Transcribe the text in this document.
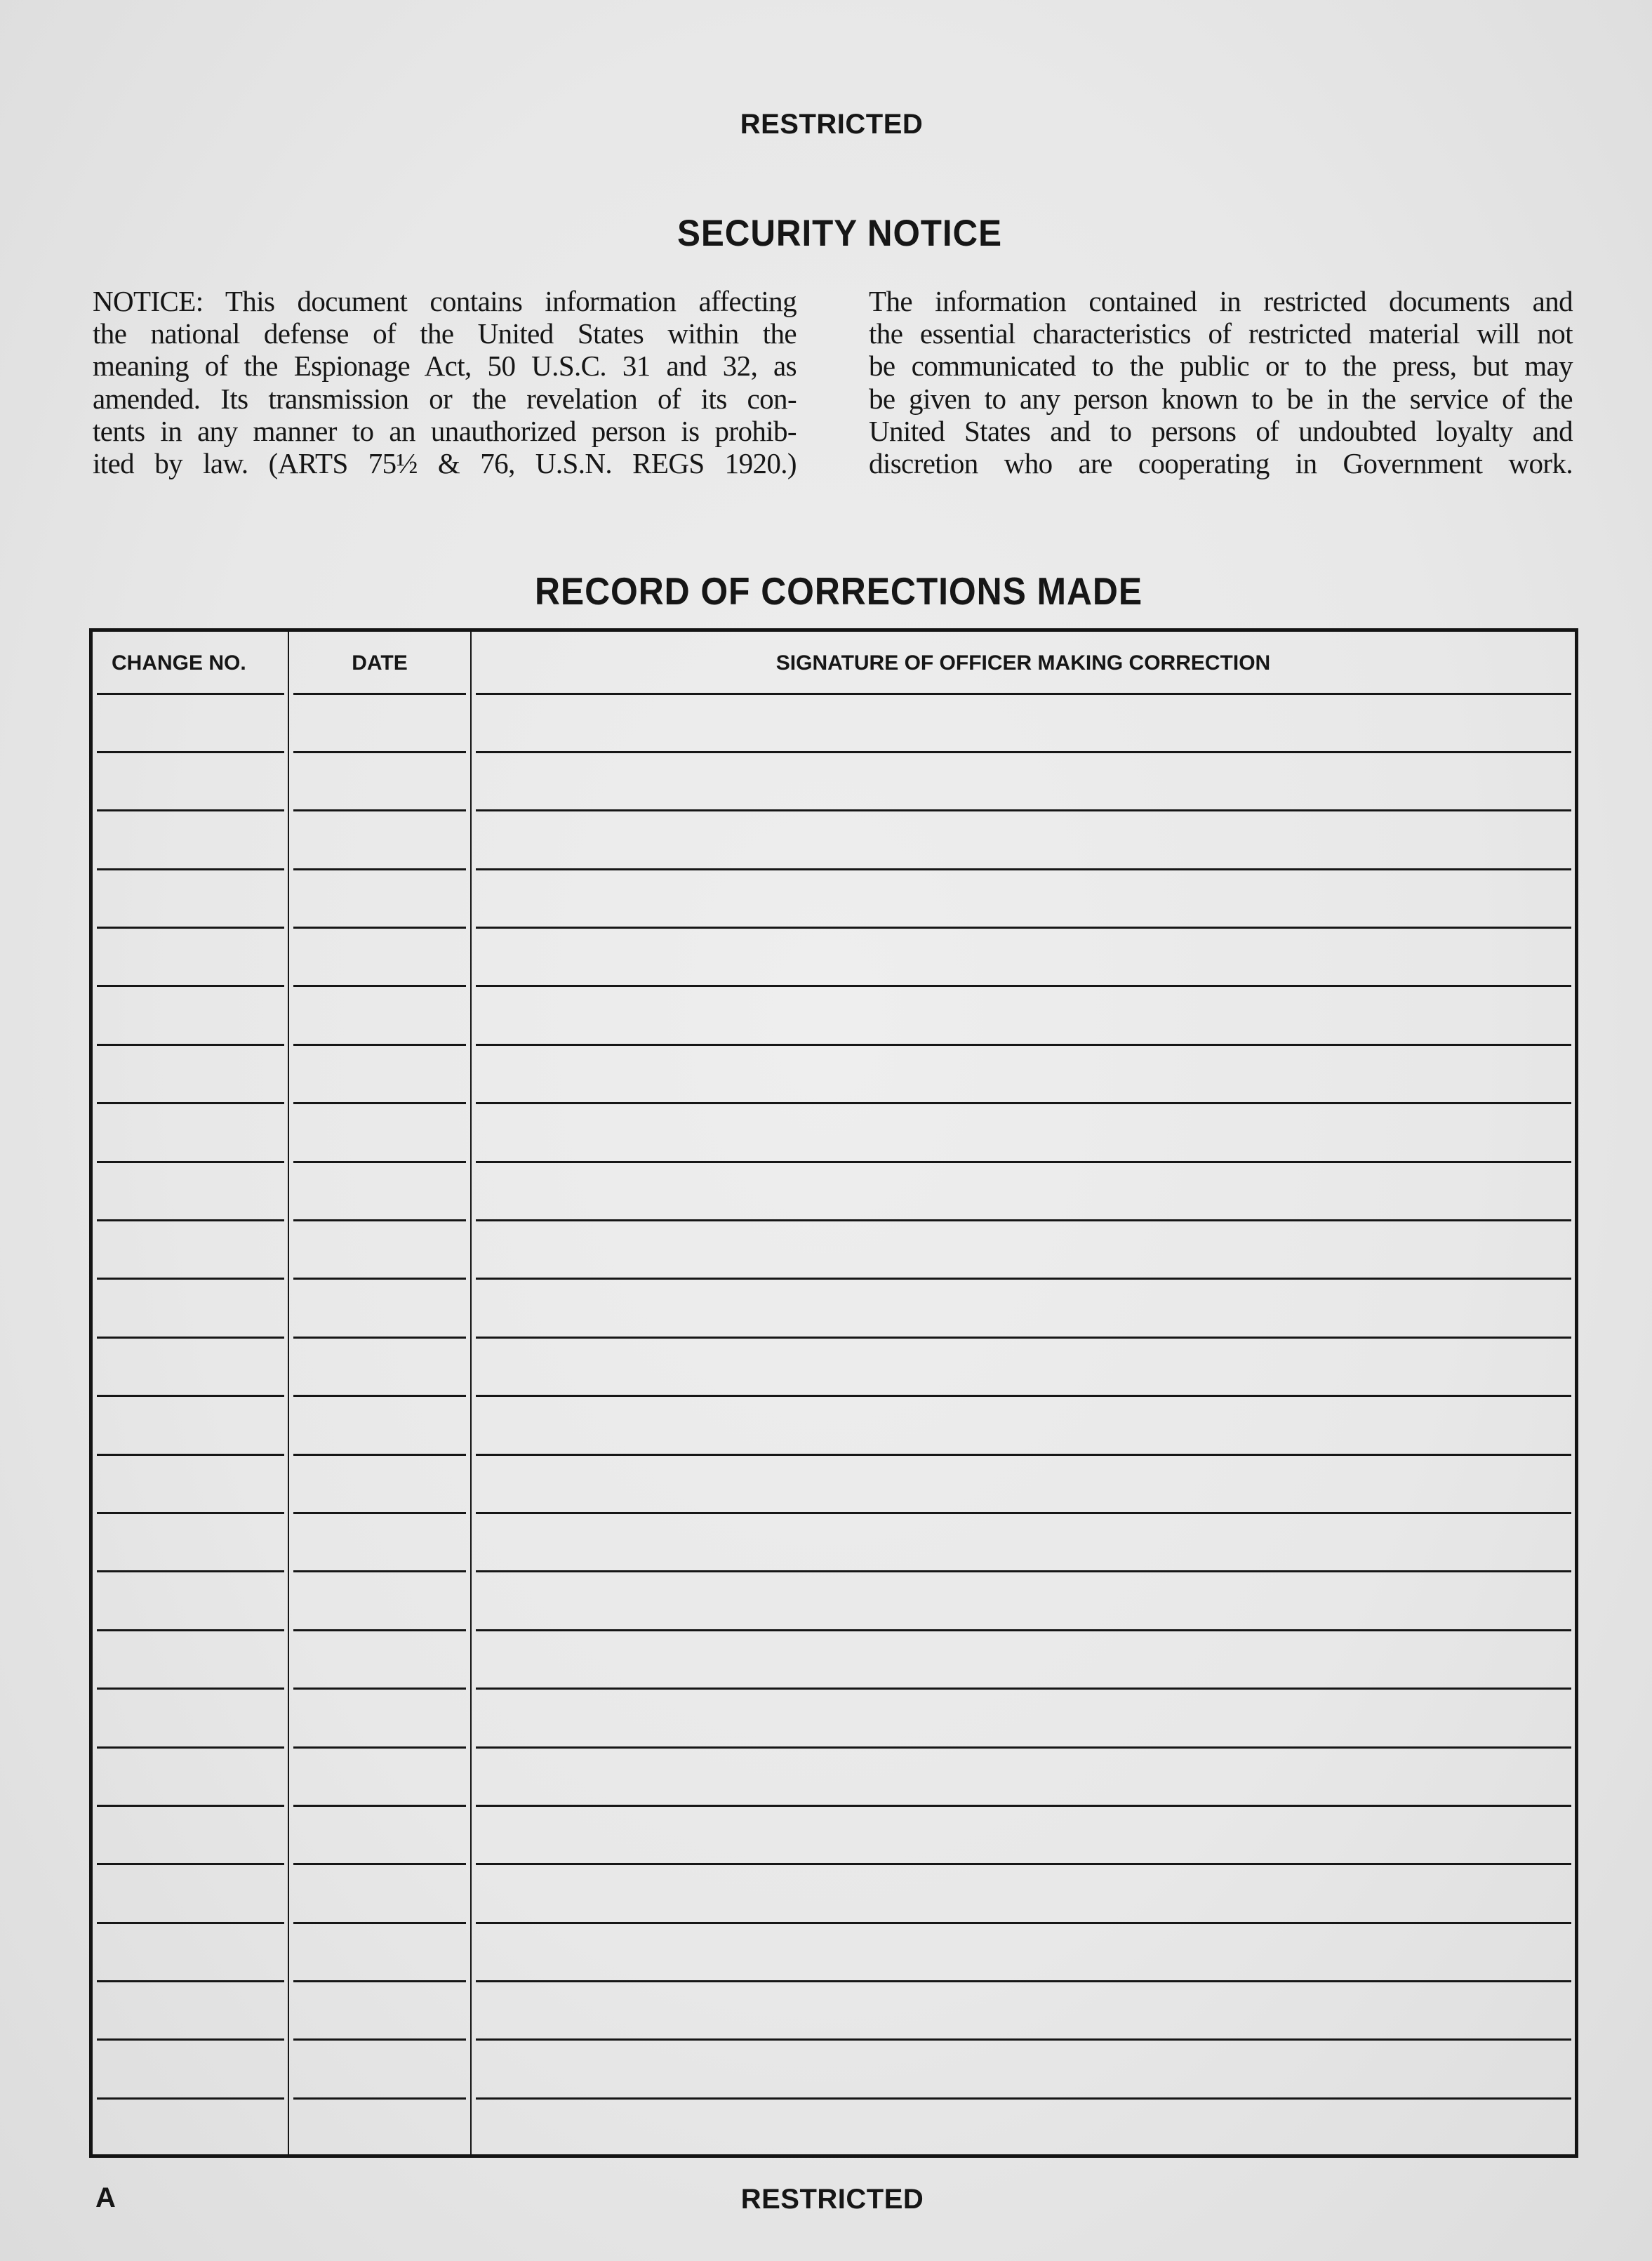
RESTRICTED
SECURITY NOTICE
NOTICE: This document contains information affecting
the national defense of the United States within the
meaning of the Espionage Act, 50 U.S.C. 31 and 32, as
amended. Its transmission or the revelation of its con-
tents in any manner to an unauthorized person is prohib-
ited by law. (ARTS 75½ & 76, U.S.N. REGS 1920.)
The information contained in restricted documents and
the essential characteristics of restricted material will not
be communicated to the public or to the press, but may
be given to any person known to be in the service of the
United States and to persons of undoubted loyalty and
discretion who are cooperating in Government work.
RECORD OF CORRECTIONS MADE
CHANGE NO.	DATE	SIGNATURE OF OFFICER MAKING CORRECTION
A	RESTRICTED
